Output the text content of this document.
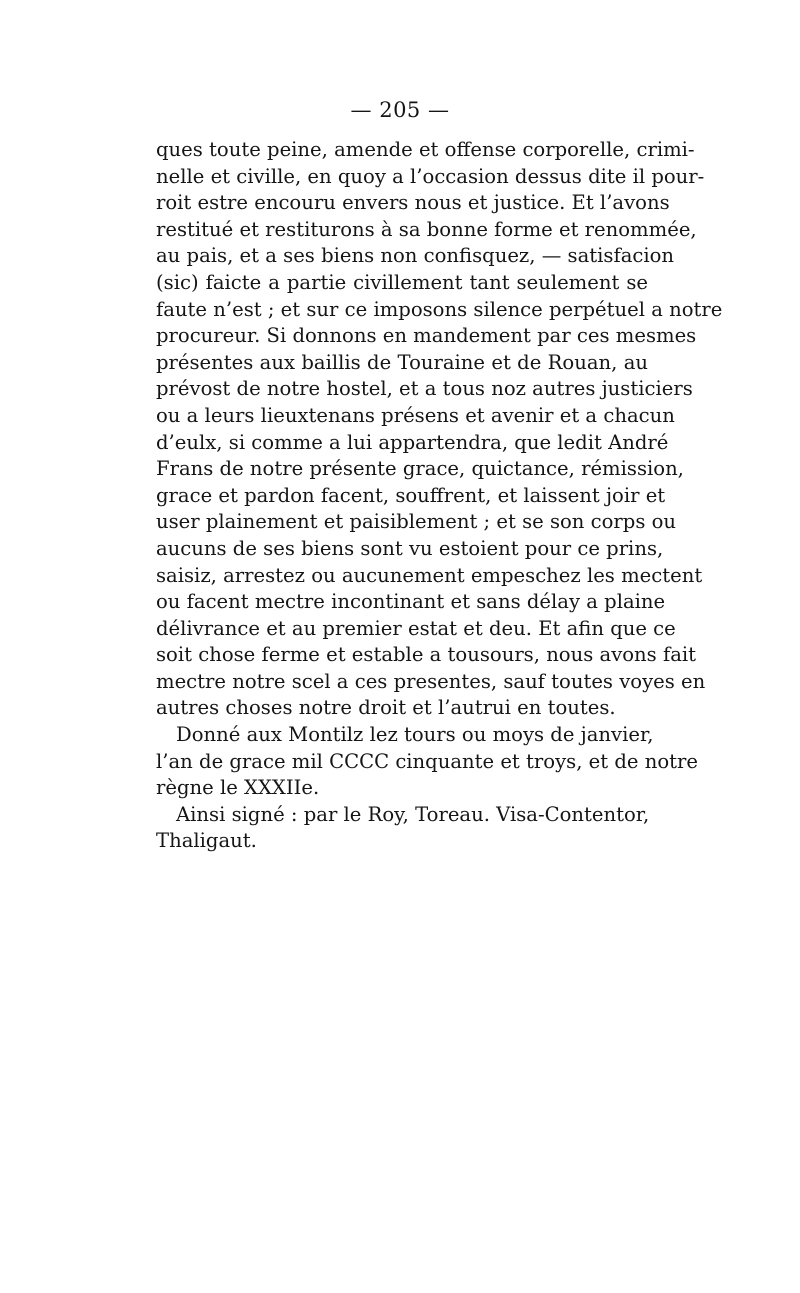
— 205 —
ques toute peine, amende et offense corporelle, crimi-
nelle et civille, en quoy a l’occasion dessus dite il pour-
roit estre encouru envers nous et justice. Et l’avons
restitué et restiturons à sa bonne forme et renommée,
au pais, et a ses biens non confisquez, — satisfacion
(sic) faicte a partie civillement tant seulement se
faute n’est ; et sur ce imposons silence perpétuel a notre
procureur. Si donnons en mandement par ces mesmes
présentes aux baillis de Touraine et de Rouan, au
prévost de notre hostel, et a tous noz autres justiciers
ou a leurs lieuxtenans présens et avenir et a chacun
d’eulx, si comme a lui appartendra, que ledit André
Frans de notre présente grace, quictance, rémission,
grace et pardon facent, souffrent, et laissent joir et
user plainement et paisiblement ; et se son corps ou
aucuns de ses biens sont vu estoient pour ce prins,
saisiz, arrestez ou aucunement empeschez les mectent
ou facent mectre incontinant et sans délay a plaine
délivrance et au premier estat et deu. Et afin que ce
soit chose ferme et estable a tousours, nous avons fait
mectre notre scel a ces presentes, sauf toutes voyes en
autres choses notre droit et l’autrui en toutes.
Donné aux Montilz lez tours ou moys de janvier,
l’an de grace mil CCCC cinquante et troys, et de notre
règne le XXXIIe.
Ainsi signé : par le Roy, Toreau. Visa-Contentor,
Thaligaut.
